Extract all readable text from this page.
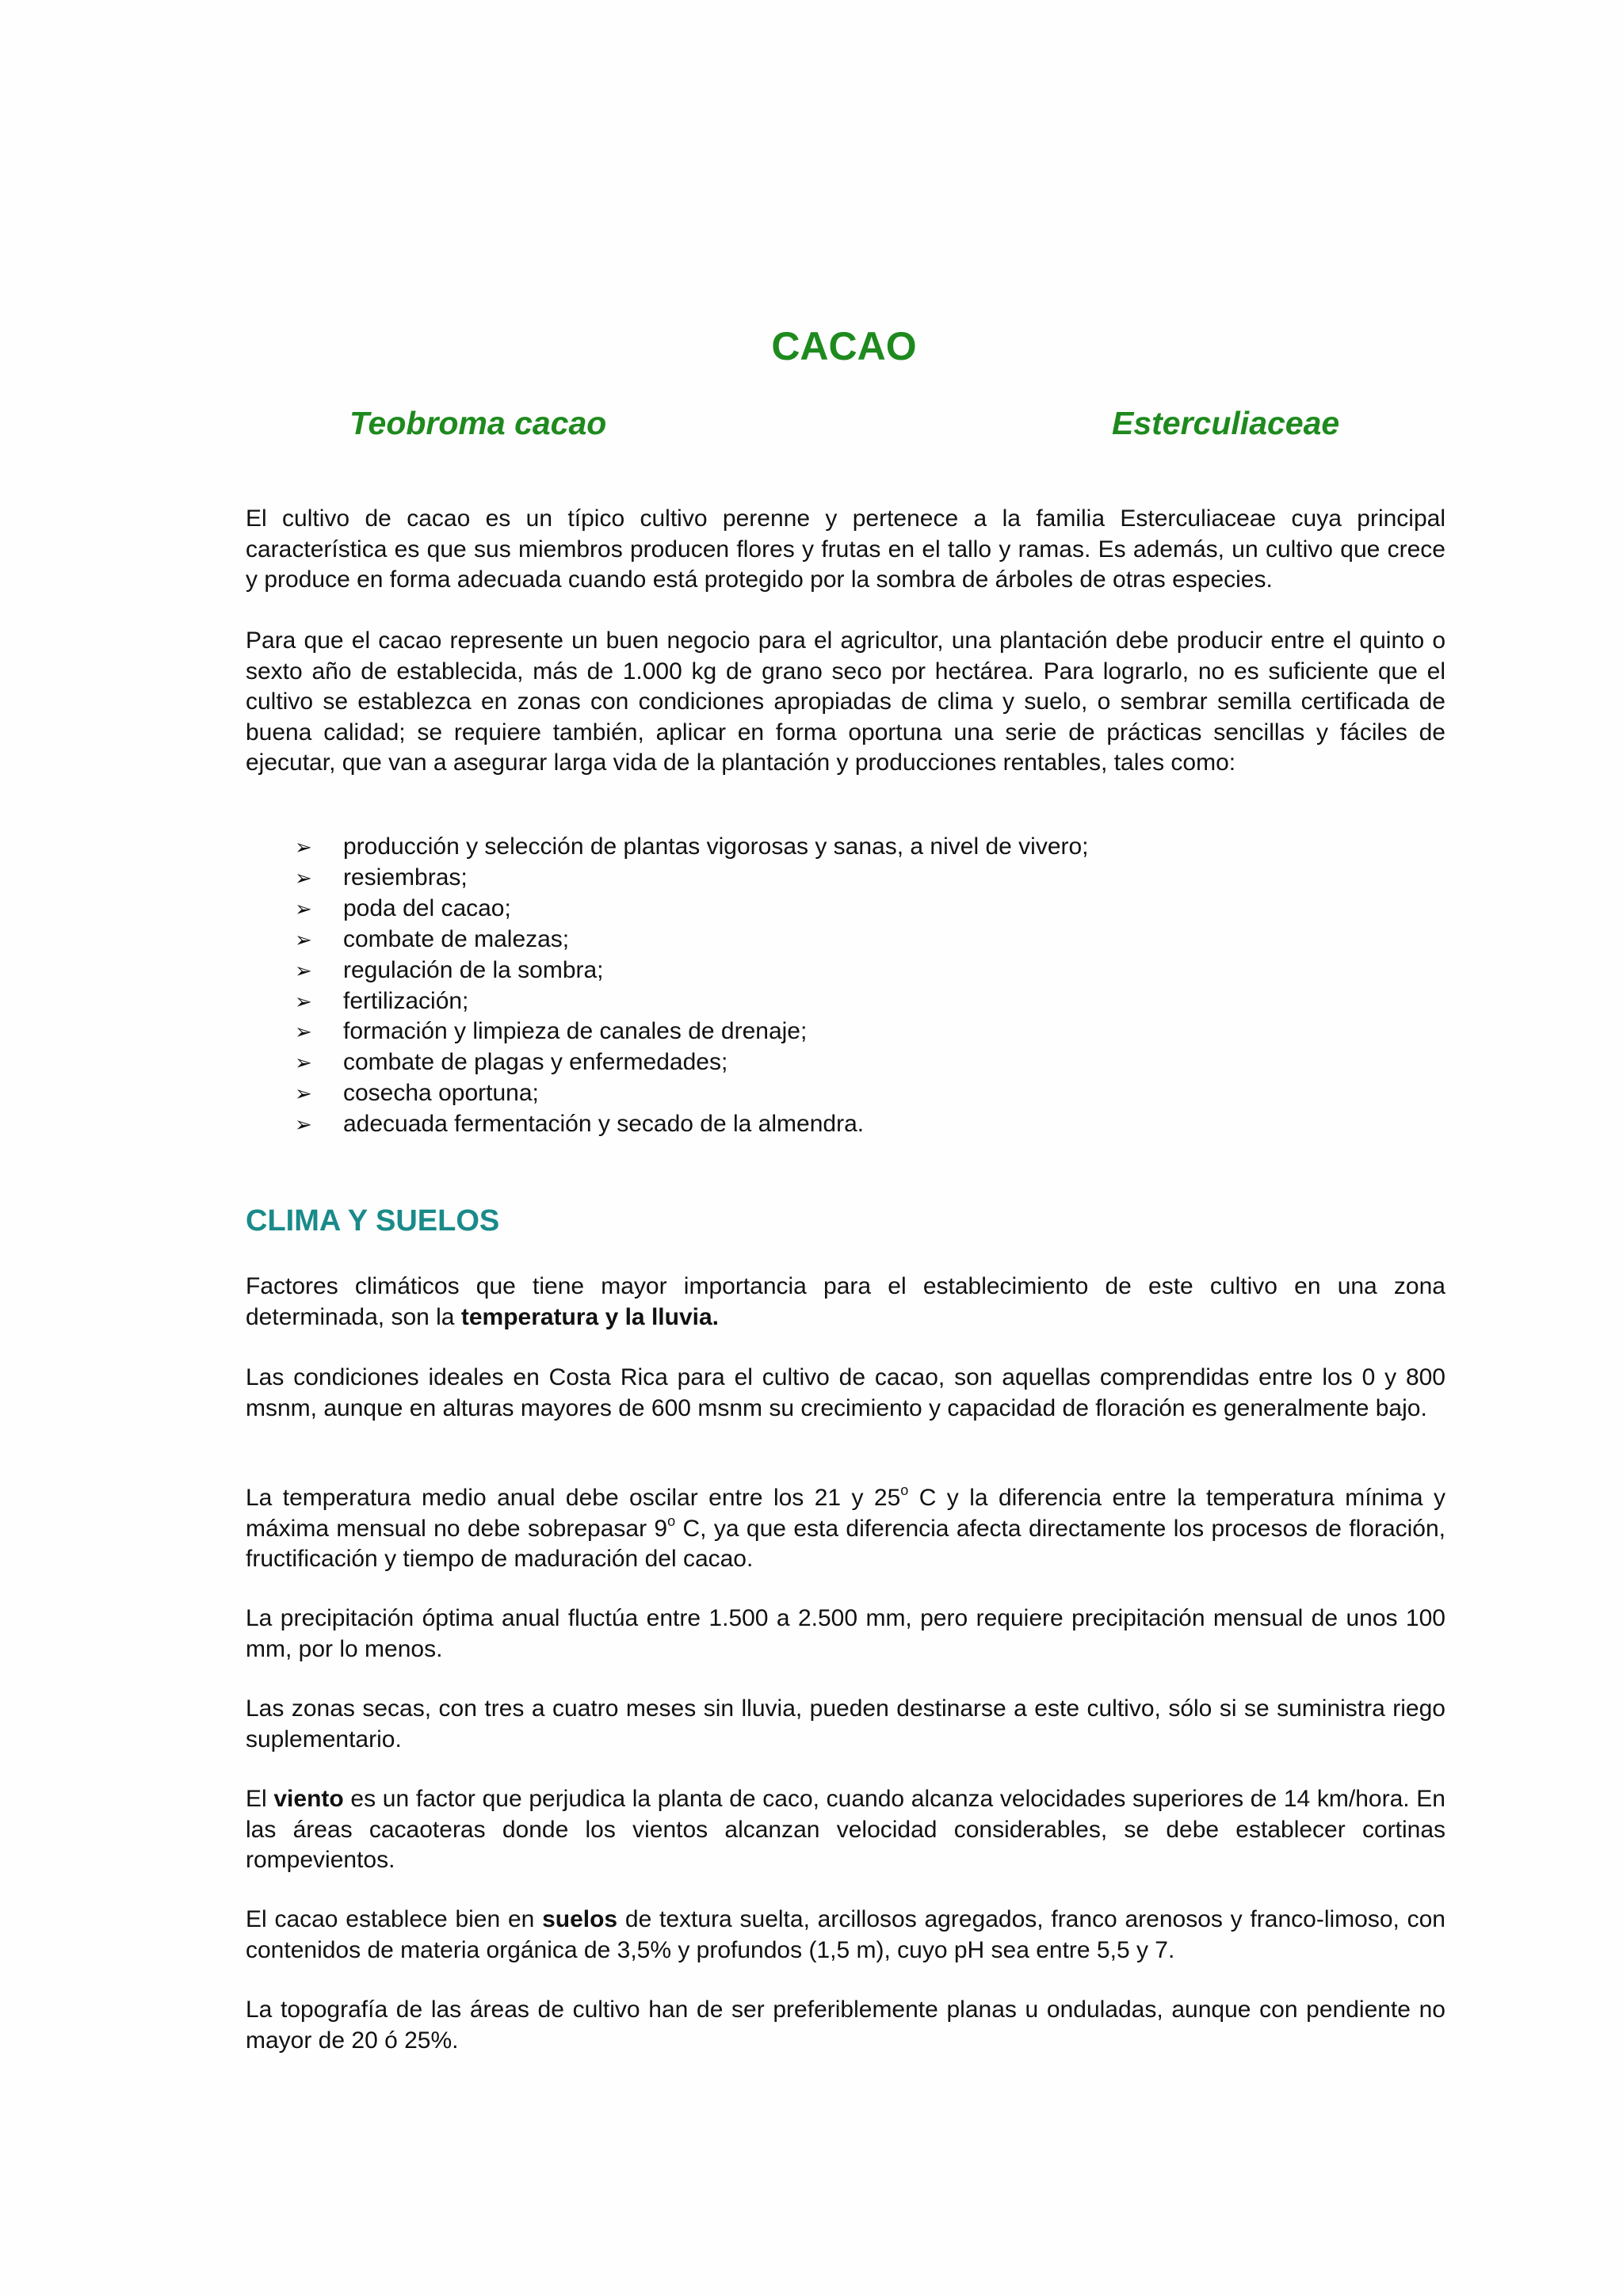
CACAO
Teobroma cacao	Esterculiaceae

El cultivo de cacao es un típico cultivo perenne y pertenece a la familia Esterculiaceae cuya principal característica es que sus miembros producen flores y frutas en el tallo y ramas. Es además, un cultivo que crece y produce en forma adecuada cuando está protegido por la sombra de árboles de otras especies.

Para que el cacao represente un buen negocio para el agricultor, una plantación debe producir entre el quinto o sexto año de establecida, más de 1.000 kg de grano seco por hectárea. Para lograrlo, no es suficiente que el cultivo se establezca en zonas con condiciones apropiadas de clima y suelo, o sembrar semilla certificada de buena calidad; se requiere también, aplicar en forma oportuna una serie de prácticas sencillas y fáciles de ejecutar, que van a asegurar larga vida de la plantación y producciones rentables, tales como:

➢ producción y selección de plantas vigorosas y sanas, a nivel de vivero;
➢ resiembras;
➢ poda del cacao;
➢ combate de malezas;
➢ regulación de la sombra;
➢ fertilización;
➢ formación y limpieza de canales de drenaje;
➢ combate de plagas y enfermedades;
➢ cosecha oportuna;
➢ adecuada fermentación y secado de la almendra.
CLIMA Y SUELOS

Factores climáticos que tiene mayor importancia para el establecimiento de este cultivo en una zona determinada, son la temperatura y la lluvia.

Las condiciones ideales en Costa Rica para el cultivo de cacao, son aquellas comprendidas entre los 0 y 800 msnm, aunque en alturas mayores de 600 msnm su crecimiento y capacidad de floración es generalmente bajo.

La temperatura medio anual debe oscilar entre los 21 y 25$^o$ C y la diferencia entre la temperatura mínima y máxima mensual no debe sobrepasar 9$^o$ C, ya que esta diferencia afecta directamente los procesos de floración, fructificación y tiempo de maduración del cacao.

La precipitación óptima anual fluctúa entre 1.500 a 2.500 mm, pero requiere precipitación mensual de unos 100 mm, por lo menos.

Las zonas secas, con tres a cuatro meses sin lluvia, pueden destinarse a este cultivo, sólo si se suministra riego suplementario.

El viento es un factor que perjudica la planta de caco, cuando alcanza velocidades superiores de 14 km/hora. En las áreas cacaoteras donde los vientos alcanzan velocidad considerables, se debe establecer cortinas rompevientos.

El cacao establece bien en suelos de textura suelta, arcillosos agregados, franco arenosos y franco-limoso, con contenidos de materia orgánica de 3,5% y profundos (1,5 m), cuyo pH sea entre 5,5 y 7.

La topografía de las áreas de cultivo han de ser preferiblemente planas u onduladas, aunque con pendiente no mayor de 20 ó 25%.
